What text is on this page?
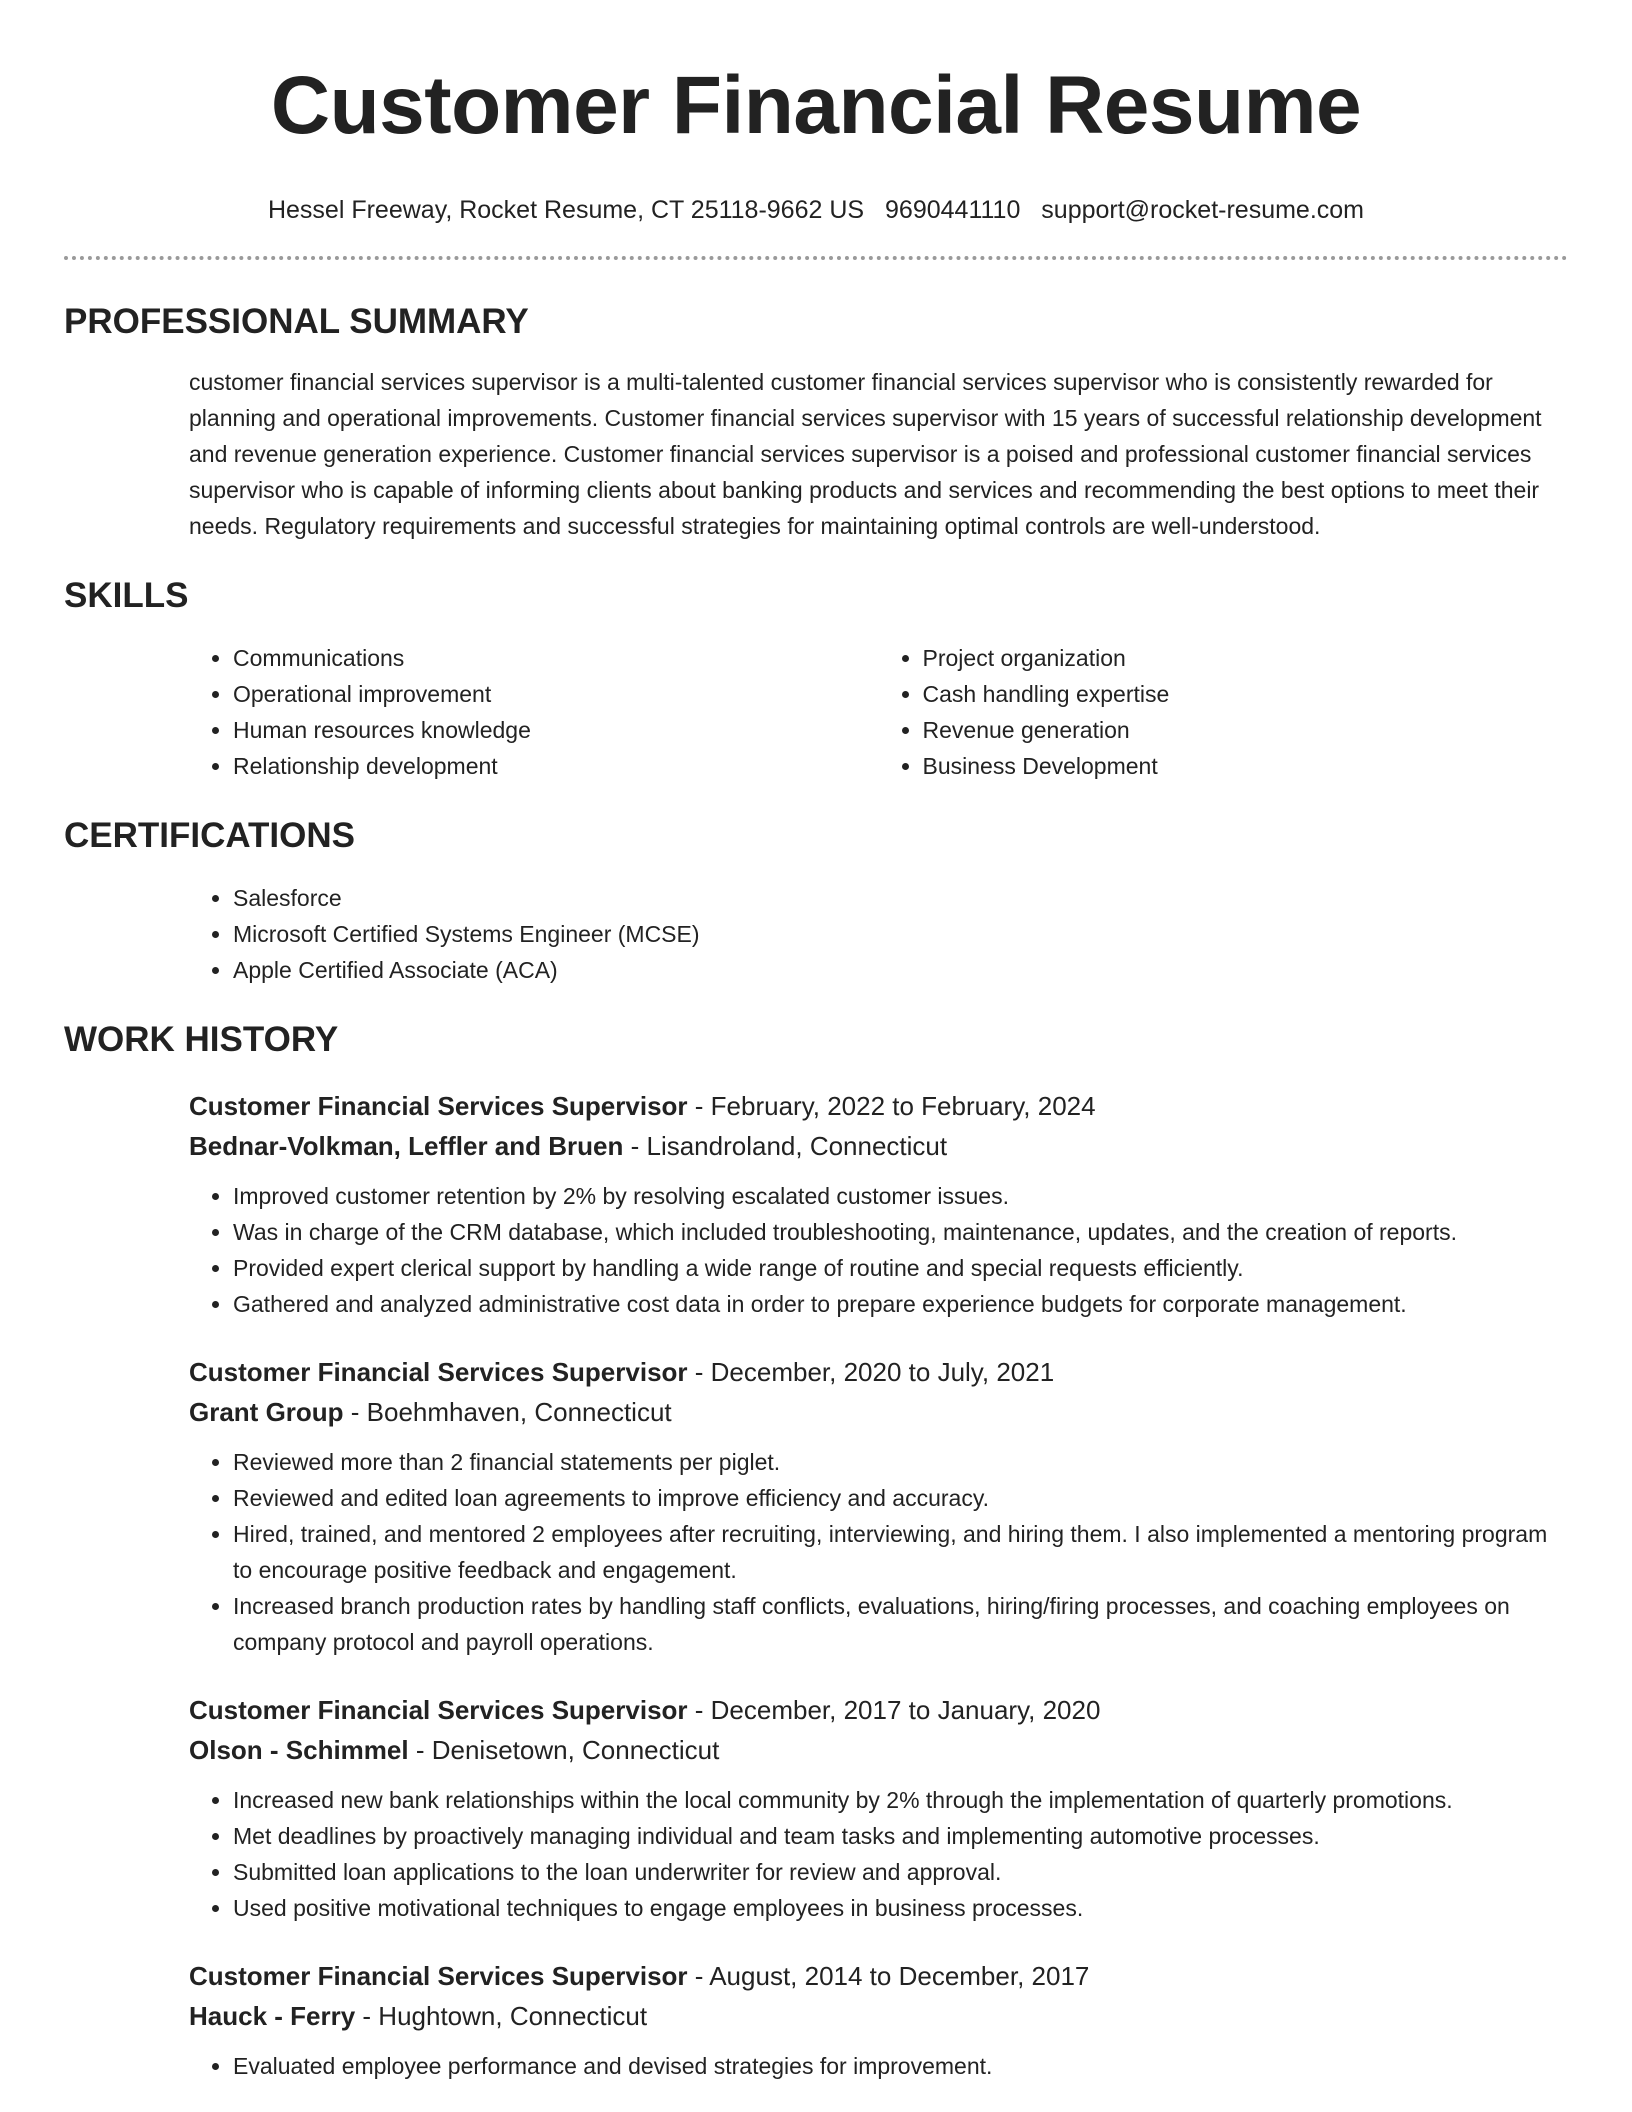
Customer Financial Resume
Hessel Freeway, Rocket Resume, CT 25118-9662 US 9690441110 support@rocket-resume.com
PROFESSIONAL SUMMARY
customer financial services supervisor is a multi-talented customer financial services supervisor who is consistently rewarded for planning and operational improvements. Customer financial services supervisor with 15 years of successful relationship development and revenue generation experience. Customer financial services supervisor is a poised and professional customer financial services supervisor who is capable of informing clients about banking products and services and recommending the best options to meet their needs. Regulatory requirements and successful strategies for maintaining optimal controls are well-understood.
SKILLS
• Communications
• Operational improvement
• Human resources knowledge
• Relationship development
• Project organization
• Cash handling expertise
• Revenue generation
• Business Development
CERTIFICATIONS
• Salesforce
• Microsoft Certified Systems Engineer (MCSE)
• Apple Certified Associate (ACA)
WORK HISTORY
Customer Financial Services Supervisor - February, 2022 to February, 2024
Bednar-Volkman, Leffler and Bruen - Lisandroland, Connecticut
• Improved customer retention by 2% by resolving escalated customer issues.
• Was in charge of the CRM database, which included troubleshooting, maintenance, updates, and the creation of reports.
• Provided expert clerical support by handling a wide range of routine and special requests efficiently.
• Gathered and analyzed administrative cost data in order to prepare experience budgets for corporate management.
Customer Financial Services Supervisor - December, 2020 to July, 2021
Grant Group - Boehmhaven, Connecticut
• Reviewed more than 2 financial statements per piglet.
• Reviewed and edited loan agreements to improve efficiency and accuracy.
• Hired, trained, and mentored 2 employees after recruiting, interviewing, and hiring them. I also implemented a mentoring program to encourage positive feedback and engagement.
• Increased branch production rates by handling staff conflicts, evaluations, hiring/firing processes, and coaching employees on company protocol and payroll operations.
Customer Financial Services Supervisor - December, 2017 to January, 2020
Olson - Schimmel - Denisetown, Connecticut
• Increased new bank relationships within the local community by 2% through the implementation of quarterly promotions.
• Met deadlines by proactively managing individual and team tasks and implementing automotive processes.
• Submitted loan applications to the loan underwriter for review and approval.
• Used positive motivational techniques to engage employees in business processes.
Customer Financial Services Supervisor - August, 2014 to December, 2017
Hauck - Ferry - Hughtown, Connecticut
• Evaluated employee performance and devised strategies for improvement.
